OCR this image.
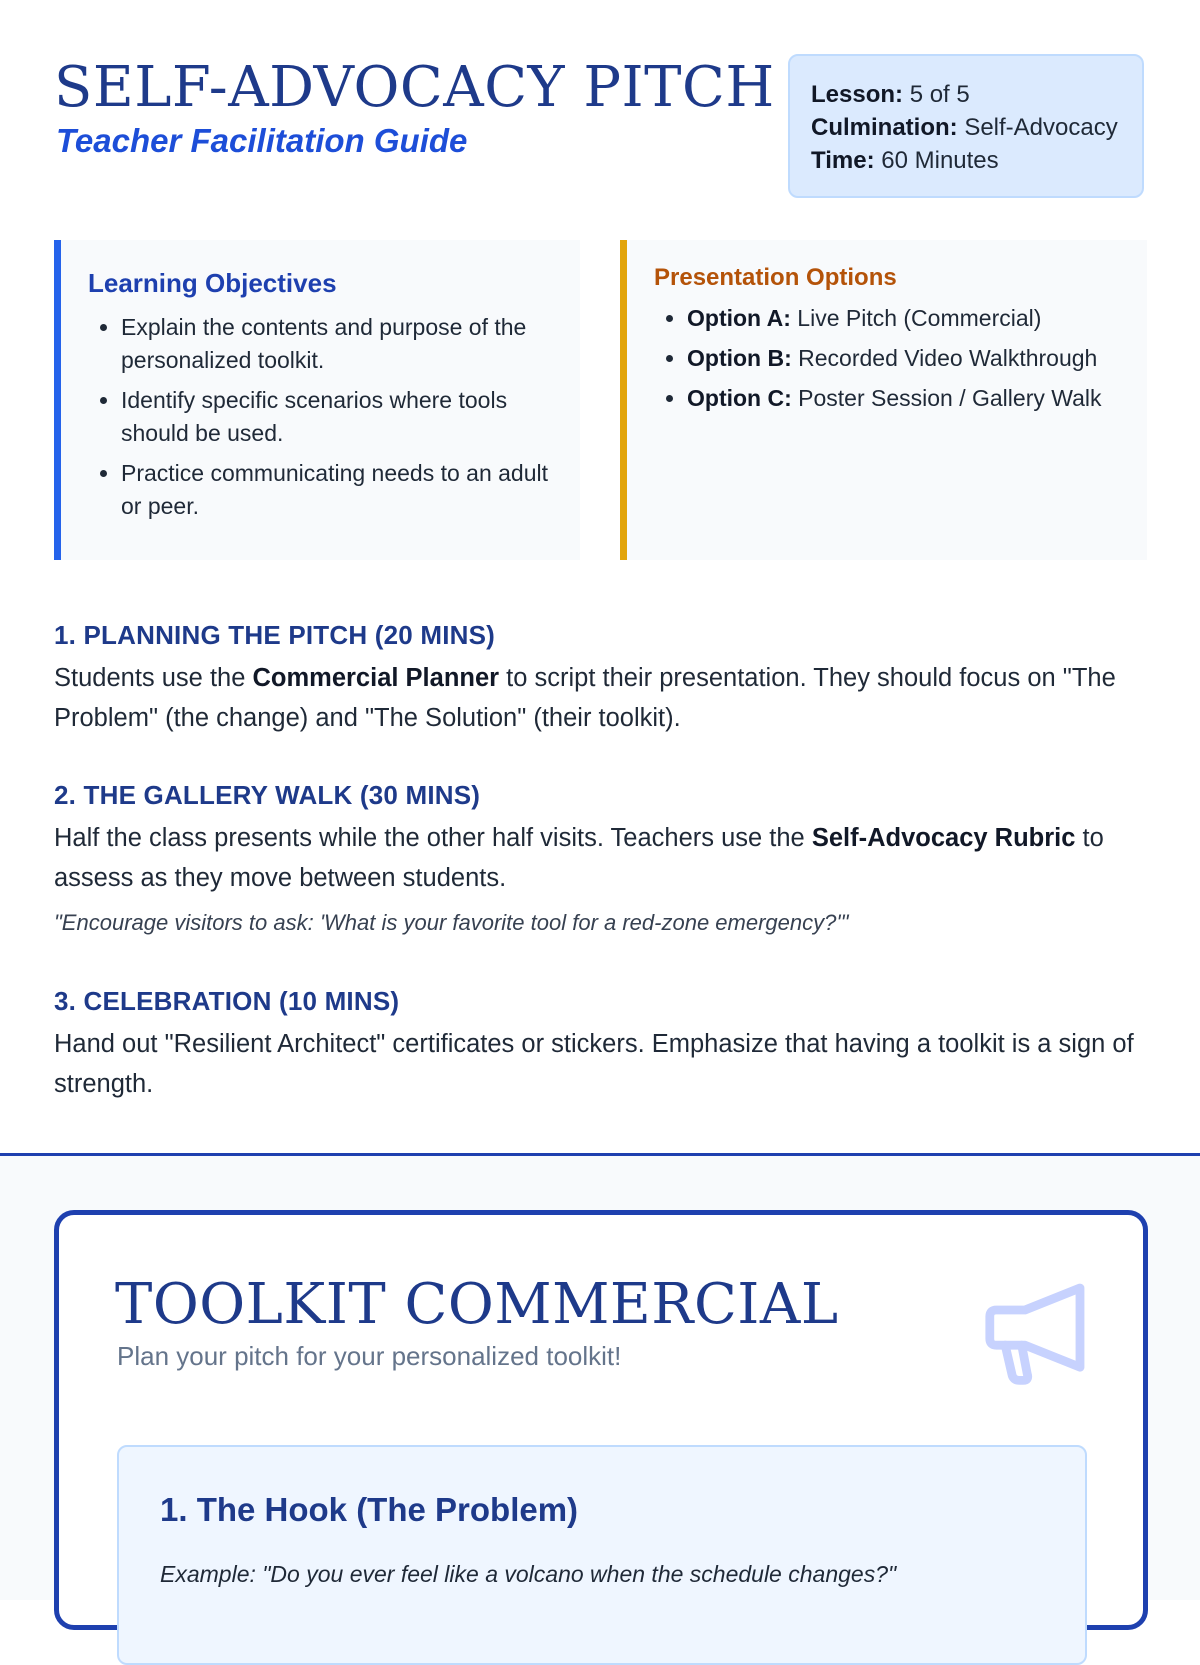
SELF-ADVOCACY PITCH
Teacher Facilitation Guide
Lesson: 5 of 5
Culmination: Self-Advocacy
Time: 60 Minutes
Learning Objectives
• Explain the contents and purpose of the personalized toolkit.
• Identify specific scenarios where tools should be used.
• Practice communicating needs to an adult or peer.
Presentation Options
• Option A: Live Pitch (Commercial)
• Option B: Recorded Video Walkthrough
• Option C: Poster Session / Gallery Walk
1. PLANNING THE PITCH (20 MINS)

Students use the Commercial Planner to script their presentation. They should focus on "The Problem" (the change) and "The Solution" (their toolkit).

2. THE GALLERY WALK (30 MINS)

Half the class presents while the other half visits. Teachers use the Self-Advocacy Rubric to assess as they move between students.

"Encourage visitors to ask: 'What is your favorite tool for a red-zone emergency?'"

3. CELEBRATION (10 MINS)

Hand out "Resilient Architect" certificates or stickers. Emphasize that having a toolkit is a sign of strength.

TOOLKIT COMMERCIAL

Plan your pitch for your personalized toolkit!

1. The Hook (The Problem)

Example: "Do you ever feel like a volcano when the schedule changes?"
